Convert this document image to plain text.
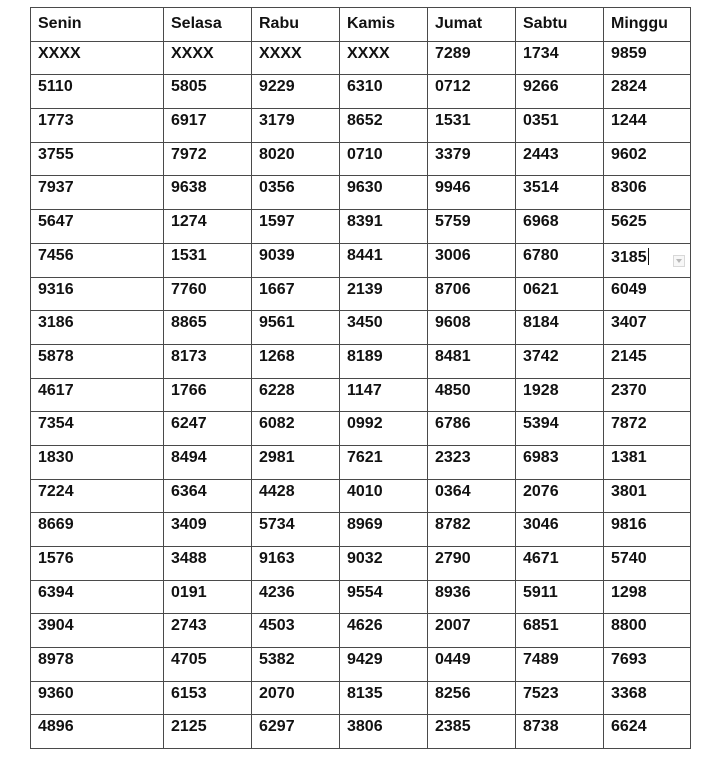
Senin	Selasa	Rabu	Kamis	Jumat	Sabtu	Minggu
XXXX	XXXX	XXXX	XXXX	7289	1734	9859
5110	5805	9229	6310	0712	9266	2824
1773	6917	3179	8652	1531	0351	1244
3755	7972	8020	0710	3379	2443	9602
7937	9638	0356	9630	9946	3514	8306
5647	1274	1597	8391	5759	6968	5625
7456	1531	9039	8441	3006	6780	3185
9316	7760	1667	2139	8706	0621	6049
3186	8865	9561	3450	9608	8184	3407
5878	8173	1268	8189	8481	3742	2145
4617	1766	6228	1147	4850	1928	2370
7354	6247	6082	0992	6786	5394	7872
1830	8494	2981	7621	2323	6983	1381
7224	6364	4428	4010	0364	2076	3801
8669	3409	5734	8969	8782	3046	9816
1576	3488	9163	9032	2790	4671	5740
6394	0191	4236	9554	8936	5911	1298
3904	2743	4503	4626	2007	6851	8800
8978	4705	5382	9429	0449	7489	7693
9360	6153	2070	8135	8256	7523	3368
4896	2125	6297	3806	2385	8738	6624
